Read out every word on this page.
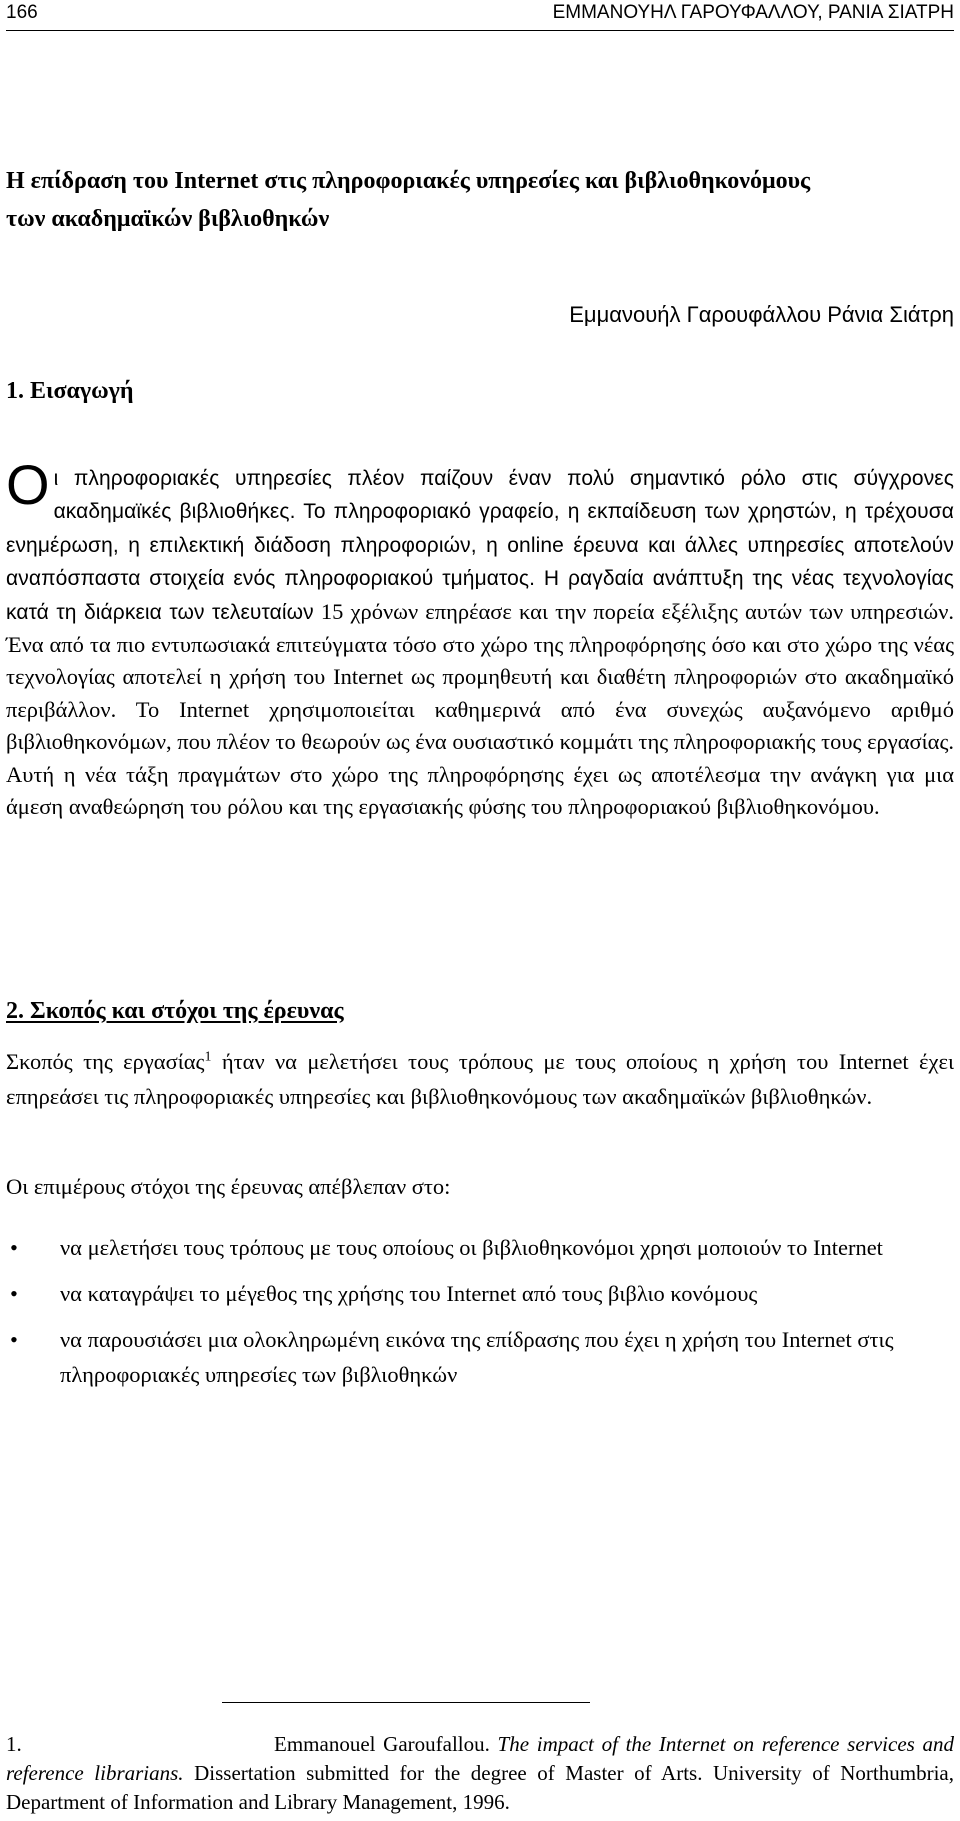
166	ΕΜΜΑΝΟΥΗΛ ΓΑΡΟΥΦΑΛΛΟΥ, ΡΑΝΙΑ ΣΙΑΤΡΗ
Η επίδραση του Internet στις πληροφοριακές υπηρεσίες και βιβλιοθηκονόμους
των ακαδημαϊκών βιβλιοθηκών
Εμμανουήλ Γαρουφάλλου Ράνια Σιάτρη
1. Εισαγωγή
Οι πληροφοριακές υπηρεσίες πλέον παίζουν έναν πολύ σημαντικό ρόλο στις σύγχρονες ακαδημαϊκές βιβλιοθήκες. Το πληροφοριακό γραφείο, η εκπαίδευση των χρηστών, η τρέχουσα ενημέρωση, η επιλεκτική διάδοση πληροφοριών, η online έρευνα και άλλες υπηρεσίες αποτελούν αναπόσπαστα στοιχεία ενός πληροφοριακού τμήματος. Η ραγδαία ανάπτυξη της νέας τεχνολογίας κατά τη διάρκεια των τελευταίων 15 χρόνων επηρέασε και την πορεία εξέλιξης αυτών των υπηρεσιών. Ένα από τα πιο εντυπωσιακά επιτεύγματα τόσο στο χώρο της πληροφόρησης όσο και στο χώρο της νέας τεχνολογίας αποτελεί η χρήση του Internet ως προμηθευτή και διαθέτη πληροφοριών στο ακαδημαϊκό περιβάλλον. Το Internet χρησιμοποιείται καθημερινά από ένα συνεχώς αυξανόμενο αριθμό βιβλιοθηκονόμων, που πλέον το θεωρούν ως ένα ουσιαστικό κομμάτι της πληροφοριακής τους εργασίας. Αυτή η νέα τάξη πραγμάτων στο χώρο της πληροφόρησης έχει ως αποτέλεσμα την ανάγκη για μια άμεση αναθεώρηση του ρόλου και της εργασιακής φύσης του πληροφοριακού βιβλιοθηκονόμου.
2. Σκοπός και στόχοι της έρευνας
Σκοπός της εργασίας$^1$ ήταν να μελετήσει τους τρόπους με τους οποίους η χρήση του Internet έχει επηρεάσει τις πληροφοριακές υπηρεσίες και βιβλιοθηκονόμους των ακαδημαϊκών βιβλιοθηκών.
Οι επιμέρους στόχοι της έρευνας απέβλεπαν στο:
•	να μελετήσει τους τρόπους με τους οποίους οι βιβλιοθηκονόμοι χρησι μοποιούν το Internet
•	να καταγράψει το μέγεθος της χρήσης του Internet από τους βιβλιο κονόμους
•	να παρουσιάσει μια ολοκληρωμένη εικόνα της επίδρασης που έχει η χρήση του Internet στις πληροφοριακές υπηρεσίες των βιβλιοθηκών
1.	Emmanouel Garoufallou. The impact of the Internet on reference services and reference librarians. Dissertation submitted for the degree of Master of Arts. University of Northumbria, Department of Information and Library Management, 1996.
